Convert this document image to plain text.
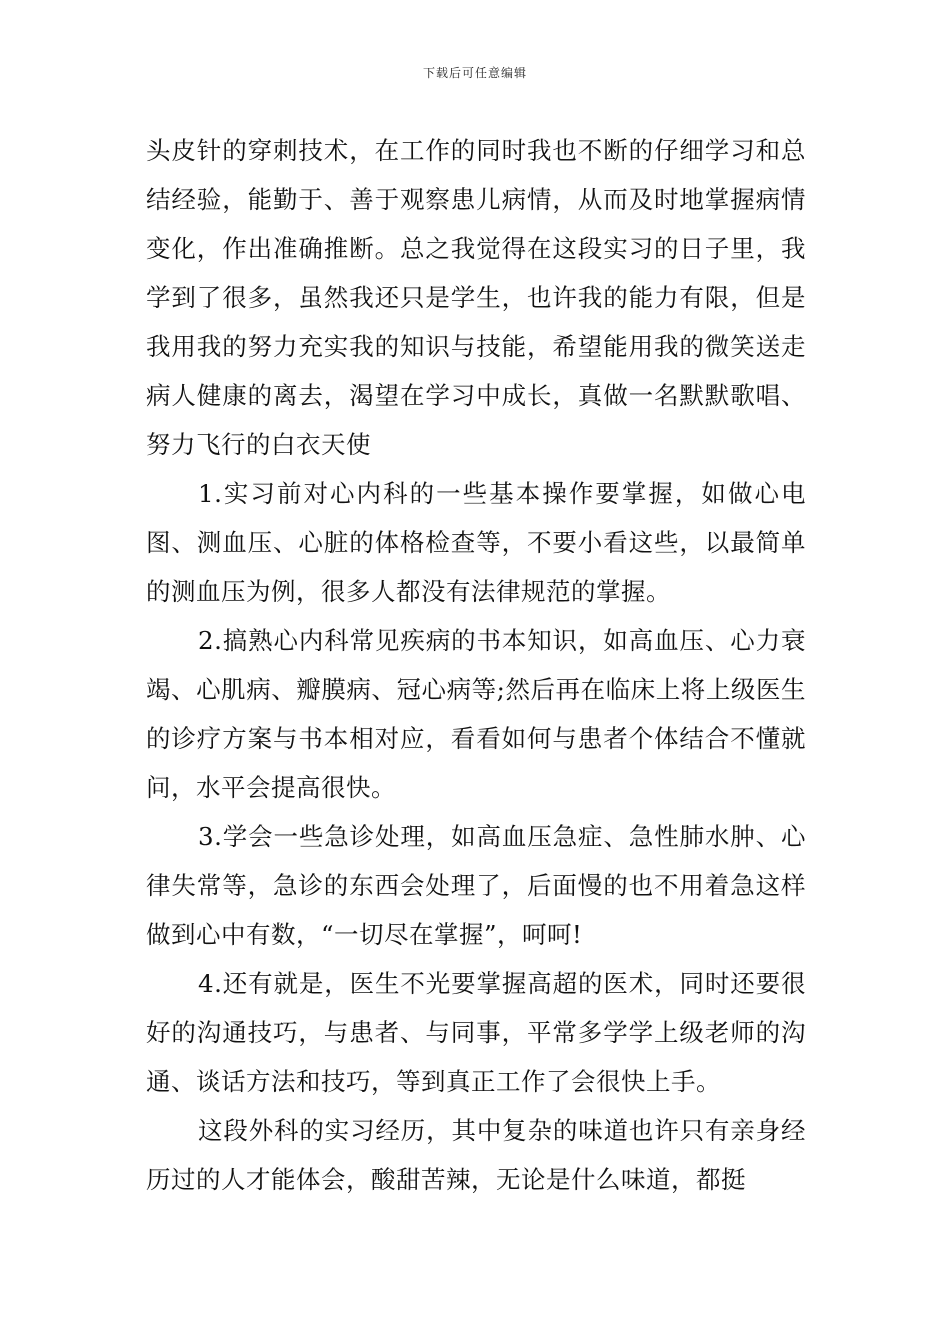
下载后可任意编辑

头皮针的穿刺技术，在工作的同时我也不断的仔细学习和总结经验，能勤于、善于观察患儿病情，从而及时地掌握病情变化，作出准确推断。总之我觉得在这段实习的日子里，我学到了很多，虽然我还只是学生，也许我的能力有限，但是我用我的努力充实我的知识与技能，希望能用我的微笑送走病人健康的离去，渴望在学习中成长，真做一名默默歌唱、努力飞行的白衣天使

1.实习前对心内科的一些基本操作要掌握，如做心电图、测血压、心脏的体格检查等，不要小看这些，以最简单的测血压为例，很多人都没有法律规范的掌握。

2.搞熟心内科常见疾病的书本知识，如高血压、心力衰竭、心肌病、瓣膜病、冠心病等;然后再在临床上将上级医生的诊疗方案与书本相对应，看看如何与患者个体结合不懂就问，水平会提高很快。

3.学会一些急诊处理，如高血压急症、急性肺水肿、心律失常等，急诊的东西会处理了，后面慢的也不用着急这样做到心中有数，“一切尽在掌握”，呵呵!

4.还有就是，医生不光要掌握高超的医术，同时还要很好的沟通技巧，与患者、与同事，平常多学学上级老师的沟通、谈话方法和技巧，等到真正工作了会很快上手。

这段外科的实习经历，其中复杂的味道也许只有亲身经历过的人才能体会，酸甜苦辣，无论是什么味道，都挺
